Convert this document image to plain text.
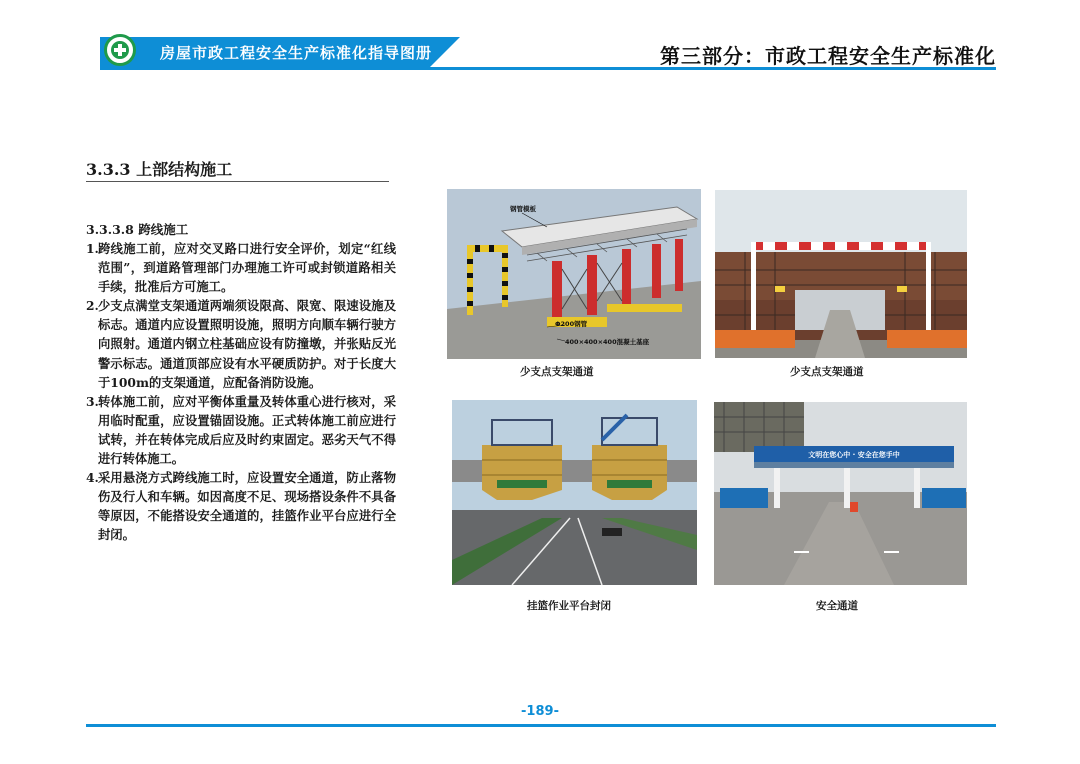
房屋市政工程安全生产标准化指导图册	第三部分：市政工程安全生产标准化
3.3.3 上部结构施工
3.3.3.8 跨线施工
1. 跨线施工前，应对交叉路口进行安全评价，划定“红线范围”，到道路管理部门办理施工许可或封锁道路相关手续，批准后方可施工。
2. 少支点满堂支架通道两端须设限高、限宽、限速设施及标志。通道内应设置照明设施，照明方向顺车辆行驶方向照射。通道内钢立柱基础应设有防撞墩，并张贴反光警示标志。通道顶部应设有水平硬质防护。对于长度大于100m的支架通道，应配备消防设施。
3. 转体施工前，应对平衡体重量及转体重心进行核对，采用临时配重，应设置锚固设施。正式转体施工前应进行试转，并在转体完成后应及时约束固定。恶劣天气不得进行转体施工。
4. 采用悬浇方式跨线施工时，应设置安全通道，防止落物伤及行人和车辆。如因高度不足、现场搭设条件不具备等原因，不能搭设安全通道的，挂篮作业平台应进行全封闭。
钢管模板
Φ200钢管
400×400×400混凝土基座
少支点支架通道	少支点支架通道
挂篮作业平台封闭
文明在您心中 · 安全在您手中
安全通道
-189-
